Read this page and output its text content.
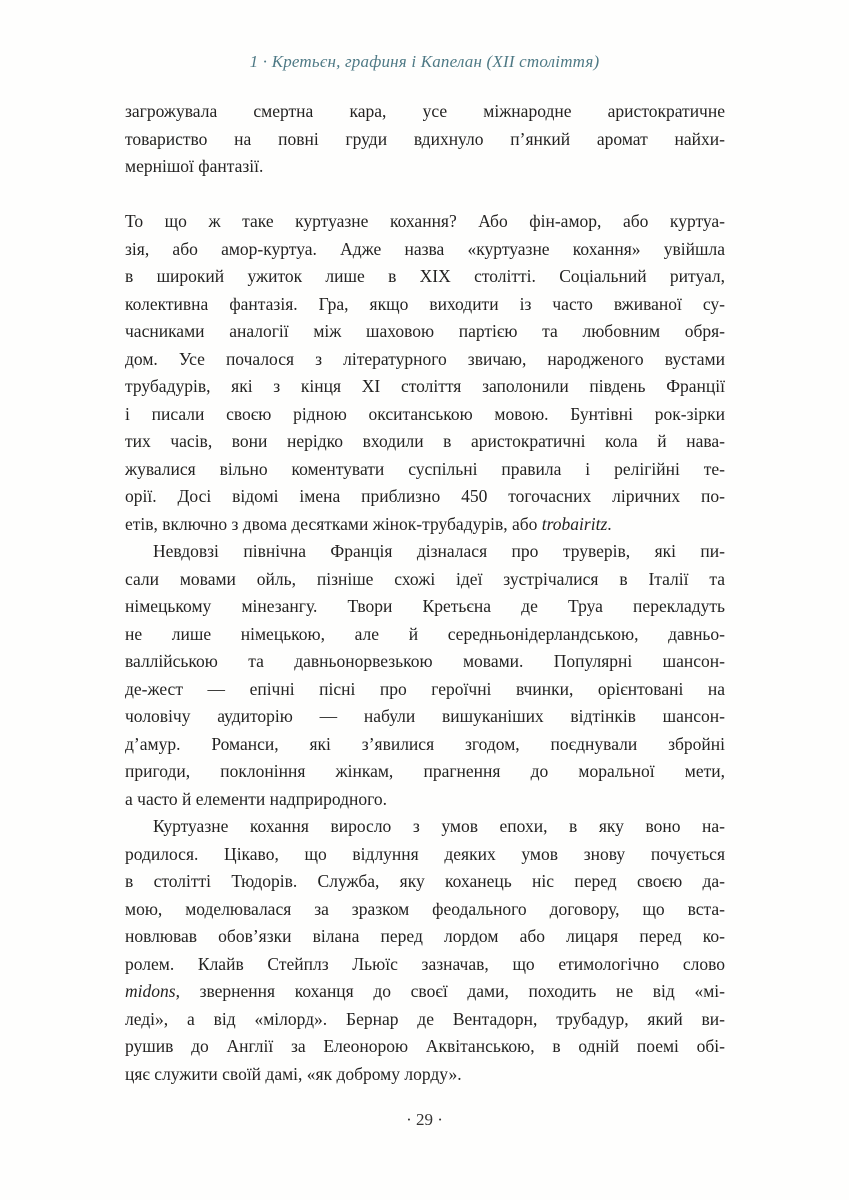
1 · Кретьєн, графиня і Капелан (ХІІ століття)
загрожувала смертна кара, усе міжнародне аристократичне
товариство на повні груди вдихнуло п’янкий аромат найхи-
мернішої фантазії.
То що ж таке куртуазне кохання? Або фін-амор, або куртуа-
зія, або амор-куртуа. Адже назва «куртуазне кохання» увійшла
в широкий ужиток лише в XIX столітті. Соціальний ритуал,
колективна фантазія. Гра, якщо виходити із часто вживаної су-
часниками аналогії між шаховою партією та любовним обря-
дом. Усе почалося з літературного звичаю, народженого вустами
трубадурів, які з кінця XI століття заполонили південь Франції
і писали своєю рідною окситанською мовою. Бунтівні рок-зірки
тих часів, вони нерідко входили в аристократичні кола й нава-
жувалися вільно коментувати суспільні правила і релігійні те-
орії. Досі відомі імена приблизно 450 тогочасних ліричних по-
етів, включно з двома десятками жінок-трубадурів, або trobairitz.
Невдовзі північна Франція дізналася про труверів, які пи-
сали мовами ойль, пізніше схожі ідеї зустрічалися в Італії та
німецькому мінезангу. Твори Кретьєна де Труа перекладуть
не лише німецькою, але й середньонідерландською, давньо-
валлійською та давньонорвезькою мовами. Популярні шансон-
де-жест — епічні пісні про героїчні вчинки, орієнтовані на
чоловічу аудиторію — набули вишуканіших відтінків шансон-
д’амур. Романси, які з’явилися згодом, поєднували збройні
пригоди, поклоніння жінкам, прагнення до моральної мети,
а часто й елементи надприродного.
Куртуазне кохання виросло з умов епохи, в яку воно на-
родилося. Цікаво, що відлуння деяких умов знову почується
в столітті Тюдорів. Служба, яку коханець ніс перед своєю да-
мою, моделювалася за зразком феодального договору, що вста-
новлював обов’язки вілана перед лордом або лицаря перед ко-
ролем. Клайв Стейплз Льюїс зазначав, що етимологічно слово
midons, звернення коханця до своєї дами, походить не від «мі-
леді», а від «мілорд». Бернар де Вентадорн, трубадур, який ви-
рушив до Англії за Елеонорою Аквітанською, в одній поемі обі-
цяє служити своїй дамі, «як доброму лорду».
· 29 ·
